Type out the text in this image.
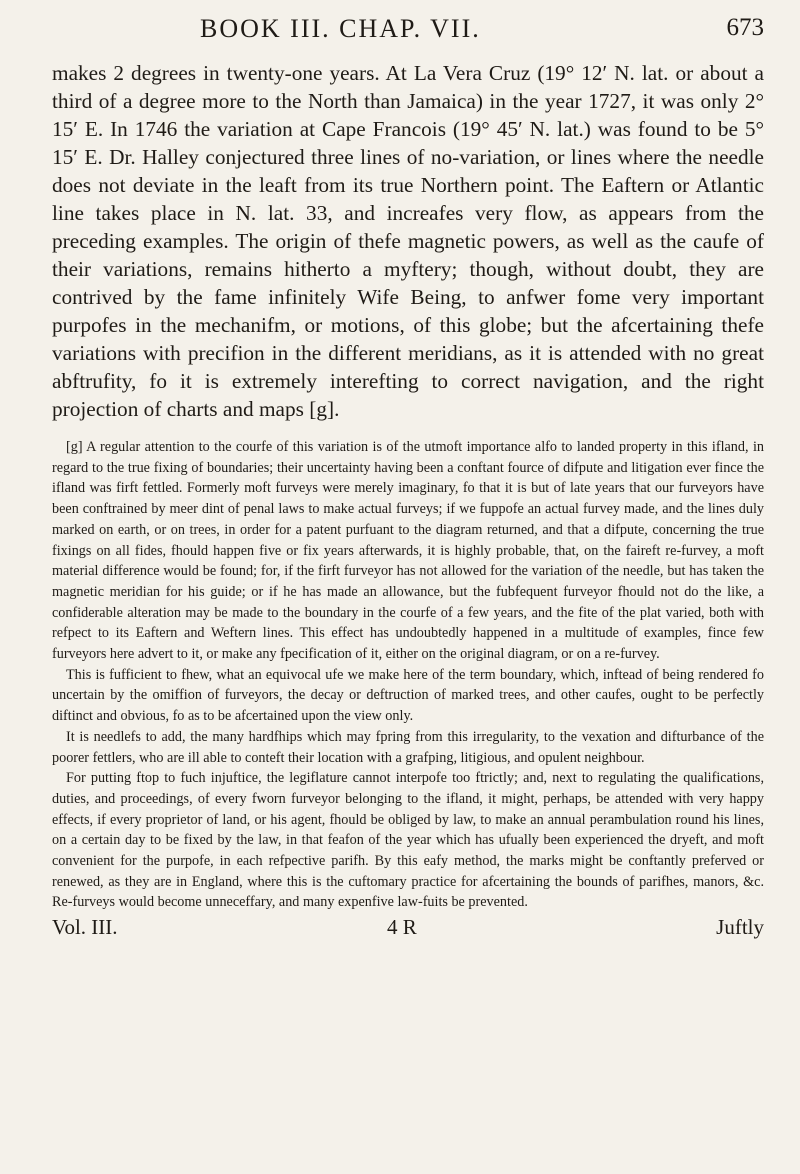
BOOK III. CHAP. VII.	673

makes 2 degrees in twenty-one years. At La Vera Cruz (19° 12′ N. lat. or about a third of a degree more to the North than Jamaica) in the year 1727, it was only 2° 15′ E. In 1746 the variation at Cape Francois (19° 45′ N. lat.) was found to be 5° 15′ E. Dr. Halley conjectured three lines of no-variation, or lines where the needle does not deviate in the leaft from its true Northern point. The Eaftern or Atlantic line takes place in N. lat. 33, and increafes very flow, as appears from the preceding examples. The origin of thefe magnetic powers, as well as the caufe of their variations, remains hitherto a myftery; though, without doubt, they are contrived by the fame infinitely Wife Being, to anfwer fome very important purpofes in the mechanifm, or motions, of this globe; but the afcertaining thefe variations with precifion in the different meridians, as it is attended with no great abftrufity, fo it is extremely interefting to correct navigation, and the right projection of charts and maps [g].

[g] A regular attention to the courfe of this variation is of the utmoft importance alfo to landed property in this ifland, in regard to the true fixing of boundaries; their uncertainty having been a conftant fource of difpute and litigation ever fince the ifland was firft fettled. Formerly moft furveys were merely imaginary, fo that it is but of late years that our furveyors have been conftrained by meer dint of penal laws to make actual furveys; if we fuppofe an actual furvey made, and the lines duly marked on earth, or on trees, in order for a patent purfuant to the diagram returned, and that a difpute, concerning the true fixings on all fides, fhould happen five or fix years afterwards, it is highly probable, that, on the faireft re-furvey, a moft material difference would be found; for, if the firft furveyor has not allowed for the variation of the needle, but has taken the magnetic meridian for his guide; or if he has made an allowance, but the fubfequent furveyor fhould not do the like, a confiderable alteration may be made to the boundary in the courfe of a few years, and the fite of the plat varied, both with refpect to its Eaftern and Weftern lines. This effect has undoubtedly happened in a multitude of examples, fince few furveyors here advert to it, or make any fpecification of it, either on the original diagram, or on a re-furvey.

This is fufficient to fhew, what an equivocal ufe we make here of the term boundary, which, inftead of being rendered fo uncertain by the omiffion of furveyors, the decay or deftruction of marked trees, and other caufes, ought to be perfectly diftinct and obvious, fo as to be afcertained upon the view only.

It is needlefs to add, the many hardfhips which may fpring from this irregularity, to the vexation and difturbance of the poorer fettlers, who are ill able to conteft their location with a grafping, litigious, and opulent neighbour.

For putting ftop to fuch injuftice, the legiflature cannot interpofe too ftrictly; and, next to regulating the qualifications, duties, and proceedings, of every fworn furveyor belonging to the ifland, it might, perhaps, be attended with very happy effects, if every proprietor of land, or his agent, fhould be obliged by law, to make an annual perambulation round his lines, on a certain day to be fixed by the law, in that feafon of the year which has ufually been experienced the dryeft, and moft convenient for the purpofe, in each refpective parifh. By this eafy method, the marks might be conftantly preferved or renewed, as they are in England, where this is the cuftomary practice for afcertaining the bounds of parifhes, manors, &c. Re-furveys would become unneceffary, and many expenfive law-fuits be prevented.

Vol. III.	4 R	Juftly
